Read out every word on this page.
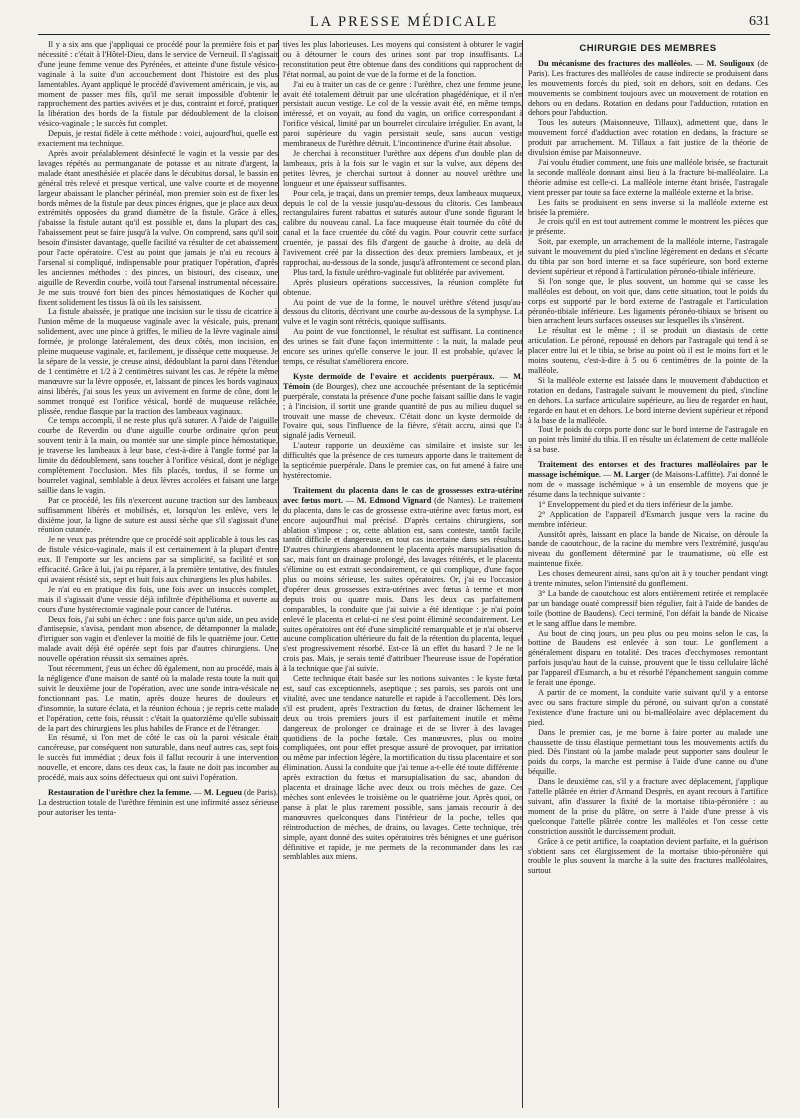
LA PRESSE MÉDICALE	631

Il y a six ans que j'appliquai ce procédé pour la première fois et par nécessité : c'était à l'Hôtel-Dieu, dans le service de Verneuil. Il s'agissait d'une jeune femme venue des Pyrénées, et atteinte d'une fistule vésico-vaginale à la suite d'un accouchement dont l'histoire est des plus lamentables. Ayant appliqué le procédé d'avivement américain, je vis, au moment de passer mes fils, qu'il me serait impossible d'obtenir le rapprochement des parties avivées et je dus, contraint et forcé, pratiquer la libération des bords de la fistule par dédoublement de la cloison vésico-vaginale ; le succès fut complet.

Depuis, je restai fidèle à cette méthode : voici, aujourd'hui, quelle est exactement ma technique.

Après avoir préalablement désinfecté le vagin et la vessie par des lavages répétés au permanganate de potasse et au nitrate d'argent, la malade étant anesthésiée et placée dans le décubitus dorsal, le bassin en général très relevé et presque vertical, une valve courte et de moyenne largeur abaissant le plancher périnéal, mon premier soin est de fixer les bords mêmes de la fistule par deux pinces érignes, que je place aux deux extrémités opposées du grand diamètre de la fistule. Grâce à elles, j'abaisse la fistule autant qu'il est possible et, dans la plupart des cas, l'abaissement peut se faire jusqu'à la vulve. On comprend, sans qu'il soit besoin d'insister davantage, quelle facilité va résulter de cet abaissement pour l'acte opératoire. C'est au point que jamais je n'ai eu recours à l'arsenal si compliqué, indispensable pour pratiquer l'opération, d'après les anciennes méthodes : des pinces, un bistouri, des ciseaux, une aiguille de Reverdin courbe, voilà tout l'arsenal instrumental nécessaire. Je me suis trouvé fort bien des pinces hémostatiques de Kocher qui fixent solidement les tissus là où ils les saisissent.

La fistule abaissée, je pratique une incision sur le tissu de cicatrice à l'union même de la muqueuse vaginale avec la vésicale, puis, prenant solidement, avec une pince à griffes, le milieu de la lèvre vaginale ainsi formée, je prolonge latéralement, des deux côtés, mon incision, en pleine muqueuse vaginale, et, facilement, je dissèque cette muqueuse. Je la sépare de la vessie, je creuse ainsi, dédoublant la paroi dans l'étendue de 1 centimètre et 1/2 à 2 centimètres suivant les cas. Je répète la même manœuvre sur la lèvre opposée, et, laissant de pinces les bords vaginaux ainsi libérés, j'ai sous les yeux un avivement en forme de cône, dont le sommet tronqué est l'orifice vésical, bordé de muqueuse relâchée, plissée, rendue flasque par la traction des lambeaux vaginaux.

Ce temps accompli, il ne reste plus qu'à suturer. A l'aide de l'aiguille courbe de Reverdin ou d'une aiguille courbe ordinaire qu'on peut souvent tenir à la main, ou montée sur une simple pince hémostatique, je traverse les lambeaux à leur base, c'est-à-dire à l'angle formé par la limite du dédoublement, sans toucher à l'orifice vésical, dont je néglige complètement l'occlusion. Mes fils placés, tordus, il se forme un bourrelet vaginal, semblable à deux lèvres accolées et faisant une large saillie dans le vagin.

Par ce procédé, les fils n'exercent aucune traction sur des lambeaux suffisamment libérés et mobilisés, et, lorsqu'on les enlève, vers le dixième jour, la ligne de suture est aussi sèche que s'il s'agissait d'une réunion cutanée.

Je ne veux pas prétendre que ce procédé soit applicable à tous les cas de fistule vésico-vaginale, mais il est certainement à la plupart d'entre eux. Il l'emporte sur les anciens par sa simplicité, sa facilité et son efficacité. Grâce à lui, j'ai pu réparer, à la première tentative, des fistules qui avaient résisté six, sept et huit fois aux chirurgiens les plus habiles.

Je n'ai eu en pratique dix fois, une fois avec un insuccès complet, mais il s'agissait d'une vessie déjà infiltrée d'épithélioma et ouverte au cours d'une hystérectomie vaginale pour cancer de l'utérus.

Deux fois, j'ai subi un échec : une fois parce qu'un aide, un peu avide d'antisepsie, s'avisa, pendant mon absence, de détamponner la malade, d'irriguer son vagin et d'enlever la moitié de fils le quatrième jour. Cette malade avait déjà été opérée sept fois par d'autres chirurgiens. Une nouvelle opération réussit six semaines après.

Tout récemment, j'eus un échec dû également, non au procédé, mais à la négligence d'une maison de santé où la malade resta toute la nuit qui suivit le deuxième jour de l'opération, avec une sonde intra-vésicale ne fonctionnant pas. Le matin, après douze heures de douleurs et d'insomnie, la suture éclata, et la réunion échoua ; je repris cette malade et l'opération, cette fois, réussit : c'était la quatorzième qu'elle subissait de la part des chirurgiens les plus habiles de France et de l'étranger.

En résumé, si l'on met de côté le cas où la paroi vésicale était cancéreuse, par conséquent non suturable, dans neuf autres cas, sept fois le succès fut immédiat ; deux fois il fallut recourir à une intervention nouvelle, et encore, dans ces deux cas, la faute ne doit pas incomber au procédé, mais aux soins défectueux qui ont suivi l'opération.

Restauration de l'urèthre chez la femme. — M. Legueu (de Paris). La destruction totale de l'urèthre féminin est une infirmité assez sérieuse pour autoriser les tenta-

tives les plus laborieuses. Les moyens qui consistent à obturer le vagin ou à détourner le cours des urines sont par trop insuffisants. La reconstitution peut être obtenue dans des conditions qui rapprochent de l'état normal, au point de vue de la forme et de la fonction.

J'ai eu à traiter un cas de ce genre : l'urèthre, chez une femme jeune, avait été totalement détruit par une ulcération phagédénique, et il n'en persistait aucun vestige. Le col de la vessie avait été, en même temps, intéressé, et on voyait, au fond du vagin, un orifice correspondant à l'orifice vésical, limité par un bourrelet circulaire irrégulier. En avant, la paroi supérieure du vagin persistait seule, sans aucun vestige membraneux de l'urèthre détruit. L'incontinence d'urine était absolue.

Je cherchai à reconstituer l'urèthre aux dépens d'un double plan de lambeaux, pris à la fois sur le vagin et sur la vulve, aux dépens des petites lèvres, je cherchai surtout à donner au nouvel urèthre une longueur et une épaisseur suffisantes.

Pour cela, je traçai, dans un premier temps, deux lambeaux muqueux, depuis le col de la vessie jusqu'au-dessous du clitoris. Ces lambeaux rectangulaires furent rabattus et suturés autour d'une sonde figurant le calibre du nouveau canal. La face muqueuse était tournée du côté du canal et la face cruentée du côté du vagin. Pour couvrir cette surface cruentée, je passai des fils d'argent de gauche à droite, au delà de l'avivement créé par la dissection des deux premiers lambeaux, et je rapprochai, au-dessous de la sonde, jusqu'à affrontement ce second plan.

Plus tard, la fistule uréthro-vaginale fut oblitérée par avivement.

Après plusieurs opérations successives, la réunion complète fut obtenue.

Au point de vue de la forme, le nouvel urèthre s'étend jusqu'au-dessous du clitoris, décrivant une courbe au-dessous de la symphyse. La vulve et le vagin sont rétrécis, quoique suffisants.

Au point de vue fonctionnel, le résultat est suffisant. La continence des urines se fait d'une façon intermittente : la nuit, la malade peut encore ses urines qu'elle conserve le jour. Il est probable, qu'avec le temps, ce résultat s'améliorera encore.

Kyste dermoïde de l'ovaire et accidents puerpéraux. — M. Témoin (de Bourges), chez une accouchée présentant de la septicémie puerpérale, constata la présence d'une poche faisant saillie dans le vagin ; à l'incision, il sortit une grande quantité de pus au milieu duquel se trouvait une masse de cheveux. C'était donc un kyste dermoïde de l'ovaire qui, sous l'influence de la fièvre, s'était accru, ainsi que l'a signalé jadis Verneuil.

L'auteur rapporte un deuxième cas similaire et insiste sur les difficultés que la présence de ces tumeurs apporte dans le traitement de la septicémie puerpérale. Dans le premier cas, on fut amené à faire une hystérectomie.

Traitement du placenta dans le cas de grossesses extra-utérine avec fœtus mort. — M. Edmond Vignard (de Nantes). Le traitement du placenta, dans le cas de grossesse extra-utérine avec fœtus mort, est encore aujourd'hui mal précisé. D'après certains chirurgiens, son ablation s'impose ; or, cette ablation est, sans conteste, tantôt facile, tantôt difficile et dangereuse, en tout cas incertaine dans ses résultats. D'autres chirurgiens abandonnent le placenta après marsupialisation du sac, mais font un drainage prolongé, des lavages réitérés, et le placenta s'élimine ou est extrait secondairement, ce qui complique, d'une façon plus ou moins sérieuse, les suites opératoires. Or, j'ai eu l'occasion d'opérer deux grossesses extra-utérines avec fœtus à terme et mort depuis trois ou quatre mois. Dans les deux cas parfaitement comparables, la conduite que j'ai suivie a été identique : je n'ai point enlevé le placenta et celui-ci ne s'est point éliminé secondairement. Les suites opératoires ont été d'une simplicité remarquable et je n'ai observé aucune complication ultérieure du fait de la rétention du placenta, lequel s'est progressivement résorbé. Est-ce là un effet du hasard ? Je ne le crois pas. Mais, je serais tenté d'attribuer l'heureuse issue de l'opération à la technique que j'ai suivie.

Cette technique était basée sur les notions suivantes : le kyste fœtal est, sauf cas exceptionnels, aseptique ; ses parois, ses parois ont une vitalité, avec une tendance naturelle et rapide à l'accollement. Dès lors, s'il est prudent, après l'extraction du fœtus, de drainer lâchement les deux ou trois premiers jours il est parfaitement inutile et même dangereux de prolonger ce drainage et de se livrer à des lavages quotidiens de la poche fœtale. Ces manœuvres, plus ou moins compliquées, ont pour effet presque assuré de provoquer, par irritation ou même par infection légère, la mortification du tissu placentaire et son élimination. Aussi la conduite que j'ai tenue a-t-elle été toute différente : après extraction du fœtus et marsupialisation du sac, abandon du placenta et drainage lâche avec deux ou trois mèches de gaze. Ces mèches sont enlevées le troisième ou le quatrième jour. Après quoi, on panse à plat le plus rarement possible, sans jamais recourir à des manœuvres quelconques dans l'intérieur de la poche, telles que réintroduction de mèches, de drains, ou lavages. Cette technique, très simple, ayant donné des suites opératoires très bénignes et une guérison définitive et rapide, je me permets de la recommander dans les cas semblables aux miens.

CHIRURGIE DES MEMBRES

Du mécanisme des fractures des malléoles. — M. Souligoux (de Paris). Les fractures des malléoles de cause indirecte se produisent dans les mouvements forcés du pied, soit en dehors, soit en dedans. Ces mouvements se combinent toujours avec un mouvement de rotation en dehors ou en dedans. Rotation en dedans pour l'adduction, rotation en dehors pour l'abduction.

Tous les auteurs (Maisonneuve, Tillaux), admettent que, dans le mouvement forcé d'adduction avec rotation en dedans, la fracture se produit par arrachement. M. Tillaux a fait justice de la théorie de divulsion émise par Maisonneuve.

J'ai voulu étudier comment, une fois une malléole brisée, se fracturait la seconde malléole donnant ainsi lieu à la fracture bi-malléolaire. La théorie admise est celle-ci. La malléole interne étant brisée, l'astragale vient presser par toute sa face externe la malléole externe et la brise.

Les faits se produisent en sens inverse si la malléole externe est brisée la première.

Je crois qu'il en est tout autrement comme le montrent les pièces que je présente.

Soit, par exemple, un arrachement de la malléole interne, l'astragale suivant le mouvement du pied s'incline légèrement en dedans et s'écarte du tibia par son bord interne et sa face supérieure, son bord externe devient supérieur et répond à l'articulation péronéo-tibiale inférieure.

Si l'on songe que, le plus souvent, un homme qui se casse les malléoles est debout, on voit que, dans cette situation, tout le poids du corps est supporté par le bord externe de l'astragale et l'articulation péronéo-tibiale inférieure. Les ligaments péronéo-tibiaux se brisent ou bien arrachent leurs surfaces osseuses sur lesquelles ils s'insèrent.

Le résultat est le même ; il se produit un diastasis de cette articulation. Le péroné, repoussé en dehors par l'astragale qui tend à se placer entre lui et le tibia, se brise au point où il est le moins fort et le moins soutenu, c'est-à-dire à 5 ou 6 centimètres de la pointe de la malléole.

Si la malléole externe est laissée dans le mouvement d'abduction et rotation en dedans, l'astragale suivant le mouvement du pied, s'incline en dehors. La surface articulaire supérieure, au lieu de regarder en haut, regarde en haut et en dehors. Le bord interne devient supérieur et répond à la base de la malléole.

Tout le poids du corps porte donc sur le bord interne de l'astragale en un point très limité du tibia. Il en résulte un éclatement de cette malléole à sa base.

Traitement des entorses et des fractures malléolaires par le massage ischémique. — M. Larger (de Maisons-Laffitte). J'ai donné le nom de « massage ischémique » à un ensemble de moyens que je résume dans la technique suivante :

1° Enveloppement du pied et du tiers inférieur de la jambe.

2° Application de l'appareil d'Esmarch jusque vers la racine du membre inférieur.

Aussitôt après, laissant en place la bande de Nicaise, on déroule la bande de caoutchouc, de la racine du membre vers l'extrémité, jusqu'au niveau du gonflement déterminé par le traumatisme, où elle est maintenue fixée.

Les choses demeurent ainsi, sans qu'on ait à y toucher pendant vingt à trente minutes, selon l'intensité du gonflement.

3° La bande de caoutchouc est alors entièrement retirée et remplacée par un bandage ouaté compressif bien régulier, fait à l'aide de bandes de toile (bottine de Baudens). Ceci terminé, l'on défait la bande de Nicaise et le sang afflue dans le membre.

Au bout de cinq jours, un peu plus ou peu moins selon le cas, la bottine de Baudens est enlevée à son tour. Le gonflement a généralement disparu en totalité. Des traces d'ecchymoses remontant parfois jusqu'au haut de la cuisse, prouvent que le tissu cellulaire lâché par l'appareil d'Esmarch, a bu et résorbé l'épanchement sanguin comme le ferait une éponge.

A partir de ce moment, la conduite varie suivant qu'il y a entorse avec ou sans fracture simple du péroné, ou suivant qu'on a constaté l'existence d'une fracture uni ou bi-malléolaire avec déplacement du pied.

Dans le premier cas, je me borne à faire porter au malade une chaussette de tissu élastique permettant tous les mouvements actifs du pied. Dès l'instant où la jambe malade peut supporter sans douleur le poids du corps, la marche est permise à l'aide d'une canne ou d'une béquille.

Dans le deuxième cas, s'il y a fracture avec déplacement, j'applique l'attelle plâtrée en étrier d'Armand Desprès, en ayant recours à l'artifice suivant, afin d'assurer la fixité de la mortaise tibia-péronière : au moment de la prise du plâtre, on serre à l'aide d'une presse à vis quelconque l'attelle plâtrée contre les malléoles et l'on cesse cette constriction aussitôt le durcissement produit.

Grâce à ce petit artifice, la coaptation devient parfaite, et la guérison s'obtient sans cet élargissement de la mortaise tibio-péronière qui trouble le plus souvent la marche à la suite des fractures malléolaires, surtout
